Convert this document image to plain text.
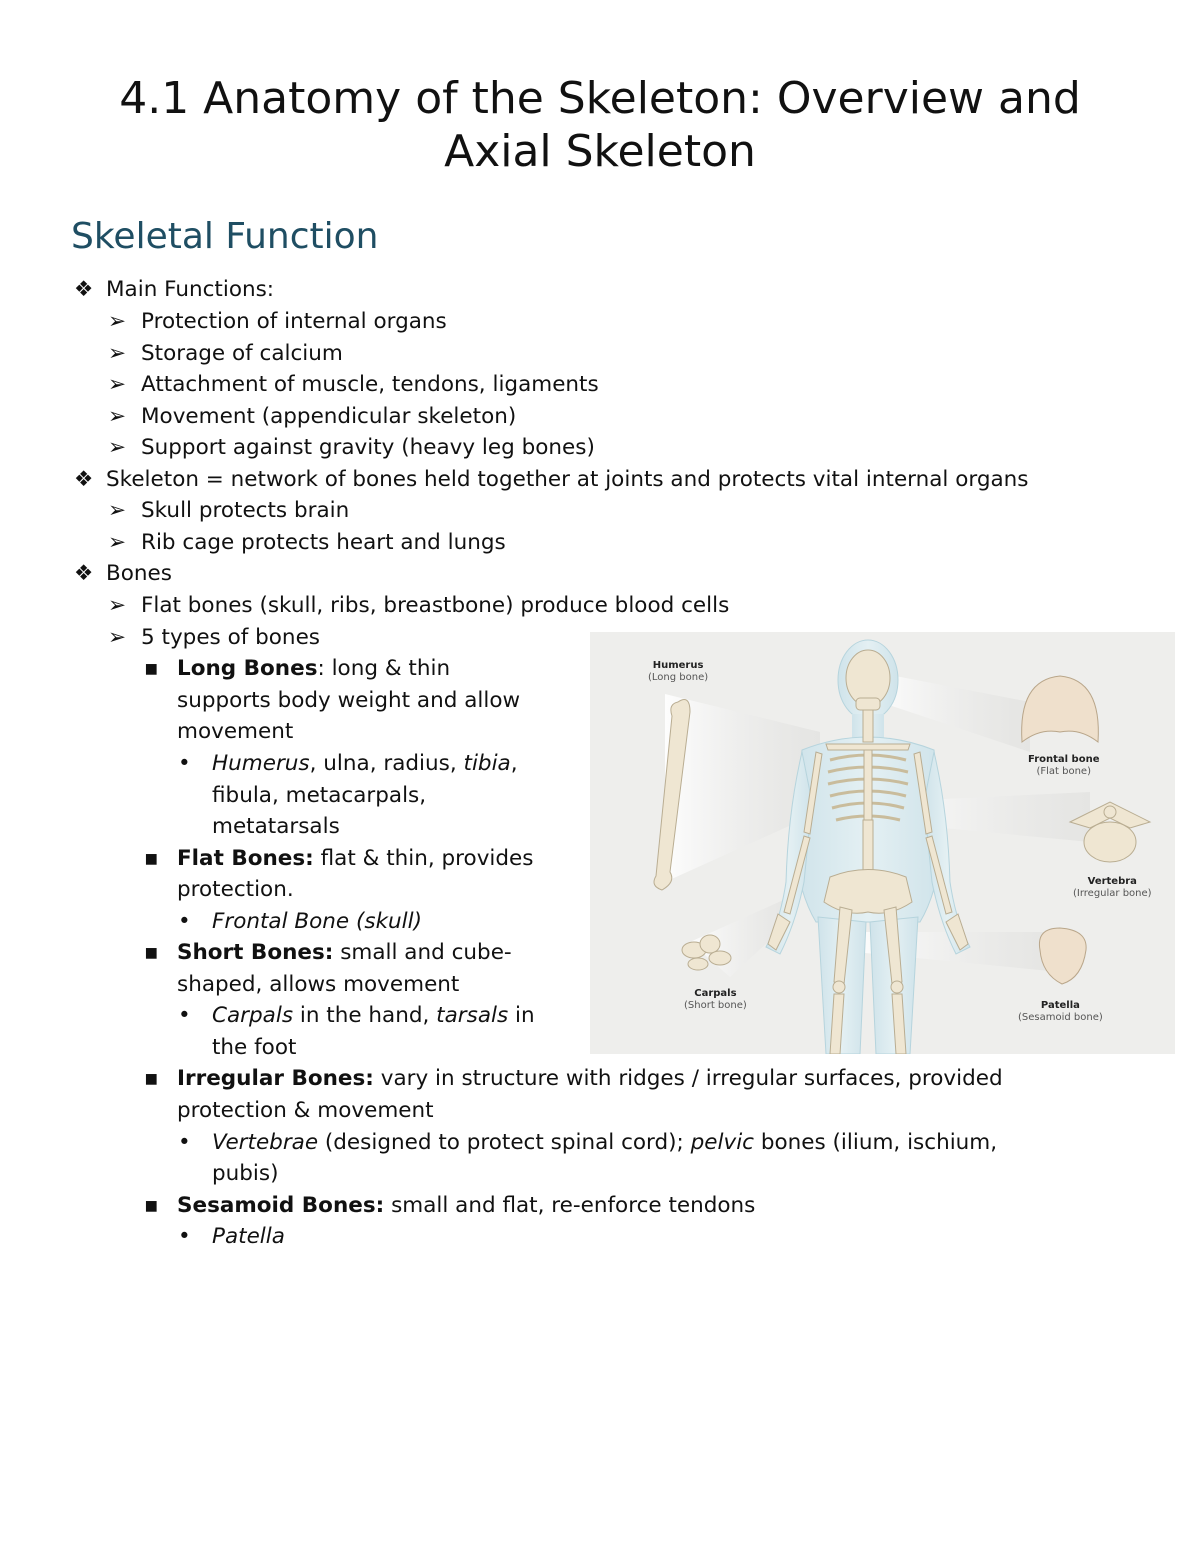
4.1 Anatomy of the Skeleton: Overview and
Axial Skeleton
Skeletal Function
❖ Main Functions:
➢ Protection of internal organs
➢ Storage of calcium
➢ Attachment of muscle, tendons, ligaments
➢ Movement (appendicular skeleton)
➢ Support against gravity (heavy leg bones)
❖ Skeleton = network of bones held together at joints and protects vital internal organs
➢ Skull protects brain
➢ Rib cage protects heart and lungs
❖ Bones
➢ Flat bones (skull, ribs, breastbone) produce blood cells
➢ 5 types of bones
▪ Long Bones: long & thin
supports body weight and allow
movement
• Humerus, ulna, radius, tibia,
fibula, metacarpals,
metatarsals
▪ Flat Bones: flat & thin, provides
protection.
• Frontal Bone (skull)
▪ Short Bones: small and cube-
shaped, allows movement
• Carpals in the hand, tarsals in
the foot
▪ Irregular Bones: vary in structure with ridges / irregular surfaces, provided
protection & movement
• Vertebrae (designed to protect spinal cord); pelvic bones (ilium, ischium,
pubis)
▪ Sesamoid Bones: small and flat, re-enforce tendons
• Patella
Humerus
(Long bone)
Frontal bone
(Flat bone)
Vertebra
(Irregular bone)
Carpals
(Short bone)	Patella
(Sesamoid bone)
